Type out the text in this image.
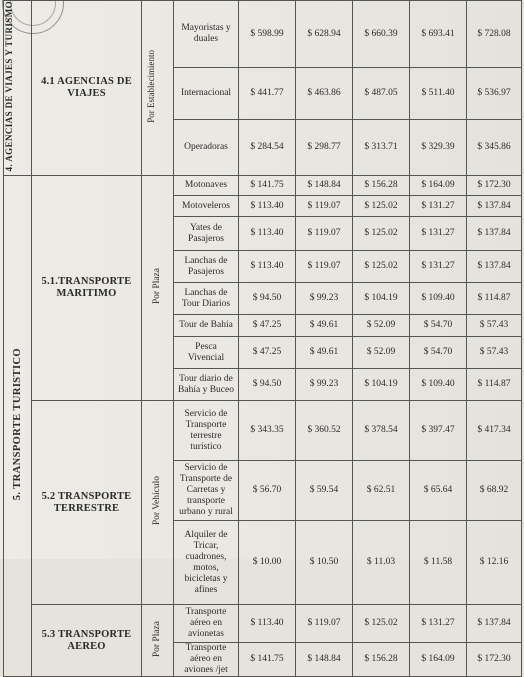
4. AGENCIAS DE VIAJES Y TURISMO	4.1 AGENCIAS DE VIAJES	Por Establecimiento	Mayoristas y duales	$ 598.99	$ 628.94	$ 660.39	$ 693.41	$ 728.08
			Internacional	$ 441.77	$ 463.86	$ 487.05	$ 511.40	$ 536.97
			Operadoras	$ 284.54	$ 298.77	$ 313.71	$ 329.39	$ 345.86
5. TRANSPORTE TURISTICO	5.1.TRANSPORTE MARITIMO	Por Plaza	Motonaves	$ 141.75	$ 148.84	$ 156.28	$ 164.09	$ 172.30
			Motoveleros	$ 113.40	$ 119.07	$ 125.02	$ 131.27	$ 137.84
			Yates de Pasajeros	$ 113.40	$ 119.07	$ 125.02	$ 131.27	$ 137.84
			Lanchas de Pasajeros	$ 113.40	$ 119.07	$ 125.02	$ 131.27	$ 137.84
			Lanchas de Tour Diarios	$ 94.50	$ 99.23	$ 104.19	$ 109.40	$ 114.87
			Tour de Bahía	$ 47.25	$ 49.61	$ 52.09	$ 54.70	$ 57.43
			Pesca Vivencial	$ 47.25	$ 49.61	$ 52.09	$ 54.70	$ 57.43
			Tour diario de Bahía y Buceo	$ 94.50	$ 99.23	$ 104.19	$ 109.40	$ 114.87
	5.2 TRANSPORTE TERRESTRE	Por Vehículo	Servicio de Transporte terrestre turístico	$ 343.35	$ 360.52	$ 378.54	$ 397.47	$ 417.34
			Servicio de Transporte de Carretas y transporte urbano y rural	$ 56.70	$ 59.54	$ 62.51	$ 65.64	$ 68.92
			Alquiler de Tricar, cuadrones, motos, bicicletas y afines	$ 10.00	$ 10.50	$ 11.03	$ 11.58	$ 12.16
	5.3 TRANSPORTE AEREO	Por Plaza	Transporte aéreo en avionetas	$ 113.40	$ 119.07	$ 125.02	$ 131.27	$ 137.84
			Transporte aéreo en aviones /jet	$ 141.75	$ 148.84	$ 156.28	$ 164.09	$ 172.30
